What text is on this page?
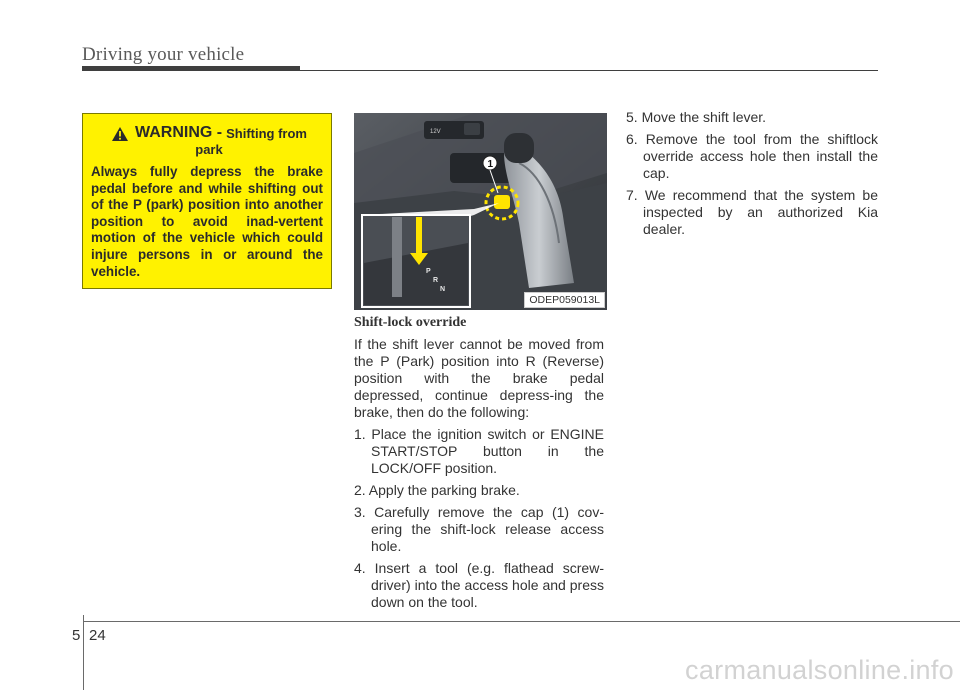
Driving your vehicle
WARNING - Shifting from
park
Always fully depress the brake pedal before and while shifting out of the P (park) position into another position to avoid inad-vertent motion of the vehicle which could injure persons in or around the vehicle.
12V
1
P
R
N
ODEP059013L
Shift-lock override

If the shift lever cannot be moved from the P (Park) position into R (Reverse) position with the brake pedal depressed, continue depress-ing the brake, then do the following:

1. Place the ignition switch or ENGINE START/STOP button in the LOCK/OFF position.

2. Apply the parking brake.

3. Carefully remove the cap (1) cov-ering the shift-lock release access hole.

4. Insert a tool (e.g. flathead screw-driver) into the access hole and press down on the tool.

5. Move the shift lever.

6. Remove the tool from the shiftlock override access hole then install the cap.

7. We recommend that the system be inspected by an authorized Kia dealer.

5 24
carmanualsonline.info
